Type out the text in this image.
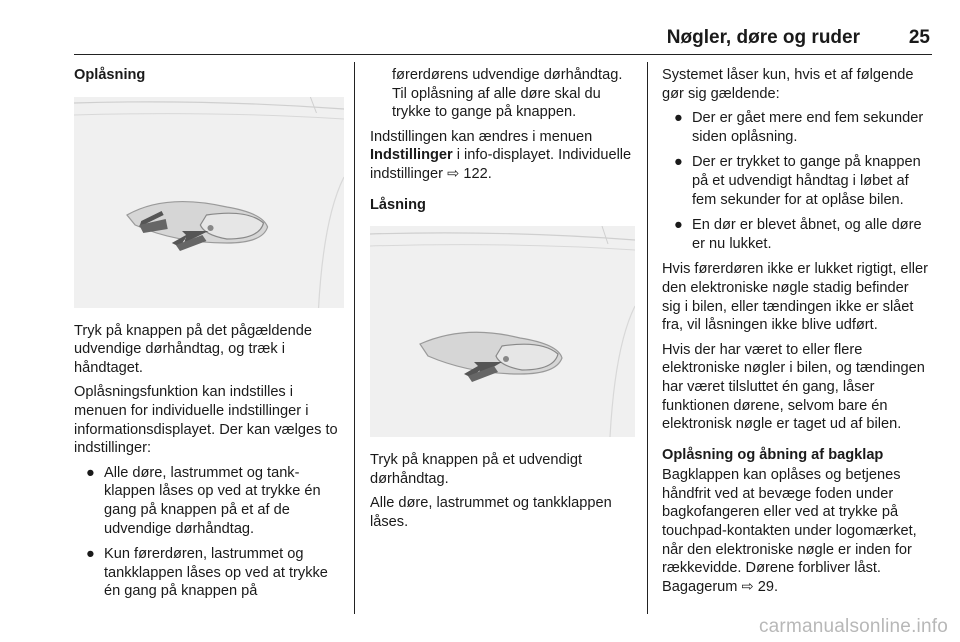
Nøgler, døre og ruder	25
Oplåsning
Tryk på knappen på det pågældende udvendige dørhåndtag, og træk i håndtaget.
Oplåsningsfunktion kan indstilles i menuen for individuelle indstillinger i informationsdisplayet. Der kan vælges to indstillinger:
● Alle døre, lastrummet og tankklappen låses op ved at trykke én gang på knappen på et af de udvendige dørhåndtag.
● Kun førerdøren, lastrummet og tankklappen låses op ved at trykke én gang på knappen på
førerdørens udvendige dørhåndtag. Til oplåsning af alle døre skal du trykke to gange på knappen.
Indstillingen kan ændres i menuen Indstillinger i info-displayet. Individuelle indstillinger ⇨ 122.
Låsning
Tryk på knappen på et udvendigt dørhåndtag.
Alle døre, lastrummet og tankklappen låses.
Systemet låser kun, hvis et af følgende gør sig gældende:
● Der er gået mere end fem sekunder siden oplåsning.
● Der er trykket to gange på knappen på et udvendigt håndtag i løbet af fem sekunder for at oplåse bilen.
● En dør er blevet åbnet, og alle døre er nu lukket.
Hvis førerdøren ikke er lukket rigtigt, eller den elektroniske nøgle stadig befinder sig i bilen, eller tændingen ikke er slået fra, vil låsningen ikke blive udført.
Hvis der har været to eller flere elektroniske nøgler i bilen, og tændingen har været tilsluttet én gang, låser funktionen dørene, selvom bare én elektronisk nøgle er taget ud af bilen.
Oplåsning og åbning af bagklap
Bagklappen kan oplåses og betjenes håndfrit ved at bevæge foden under bagkofangeren eller ved at trykke på touchpad-kontakten under logomærket, når den elektroniske nøgle er inden for rækkevidde. Dørene forbliver låst. Bagagerum ⇨ 29.
carmanualsonline.info
